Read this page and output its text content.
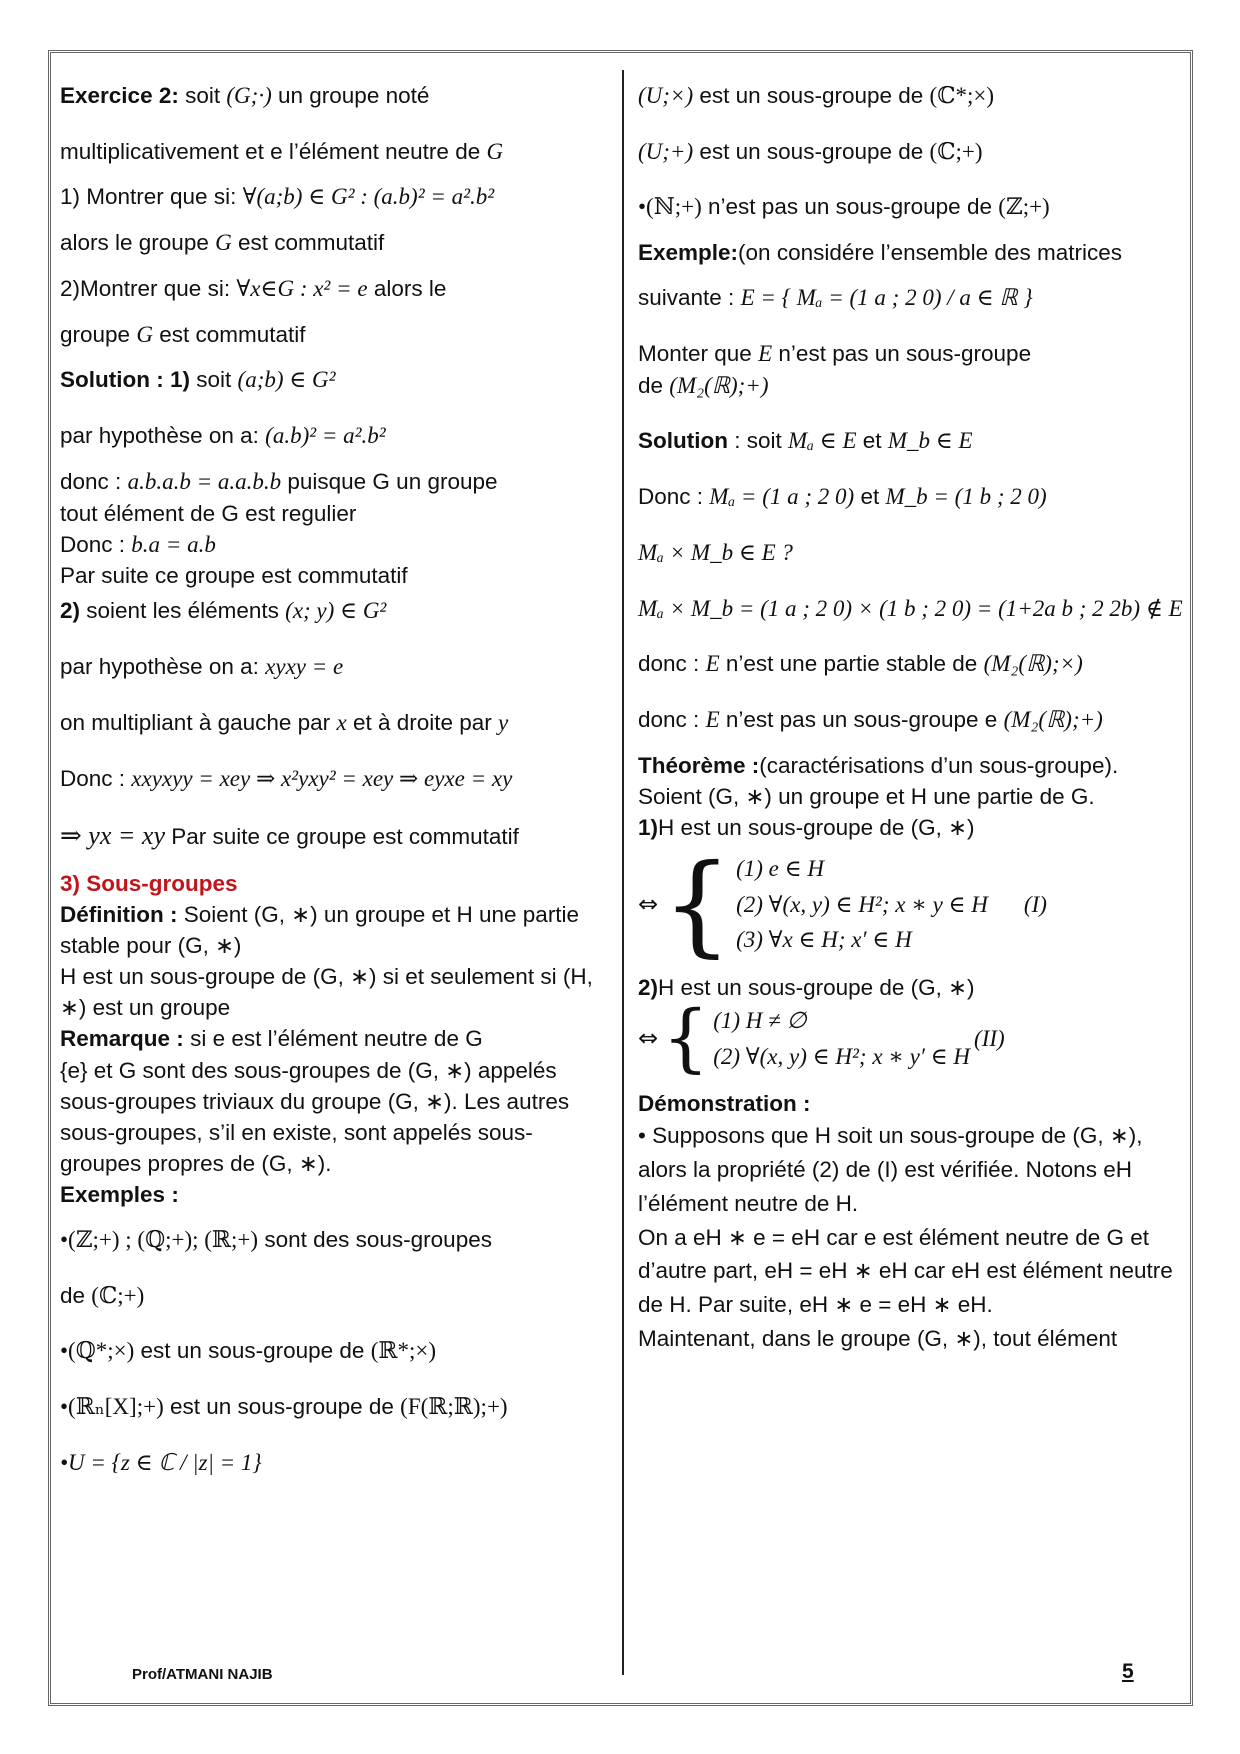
Exercice 2: soit (G;·) un groupe noté

multiplicativement et e l’élément neutre de G

1) Montrer que si: ∀(a;b) ∈ G² : (a.b)² = a².b²

alors le groupe G est commutatif

2)Montrer que si: ∀x∈G : x² = e alors le

groupe G est commutatif

Solution : 1) soit (a;b) ∈ G²

par hypothèse on a: (a.b)² = a².b²

donc : a.b.a.b = a.a.b.b puisque G un groupe

tout élément de G est regulier

Donc : b.a = a.b

Par suite ce groupe est commutatif

2) soient les éléments (x; y) ∈ G²

par hypothèse on a: xyxy = e

on multipliant à gauche par x et à droite par y

Donc : xxyxyy = xey ⇒ x²yxy² = xey ⇒ eyxe = xy

⇒ yx = xy Par suite ce groupe est commutatif

3) Sous-groupes

Définition : Soient (G, ∗) un groupe et H une partie stable pour (G, ∗)

H est un sous-groupe de (G, ∗) si et seulement si (H, ∗) est un groupe

Remarque : si e est l’élément neutre de G

{e} et G sont des sous-groupes de (G, ∗) appelés sous-groupes triviaux du groupe (G, ∗). Les autres sous-groupes, s’il en existe, sont appelés sous-groupes propres de (G, ∗).

Exemples :

•(ℤ;+) ; (ℚ;+); (ℝ;+) sont des sous-groupes

de (ℂ;+)

•(ℚ*;×) est un sous-groupe de (ℝ*;×)

•(ℝₙ[X];+) est un sous-groupe de (F(ℝ;ℝ);+)

•U = {z ∈ ℂ / |z| = 1}

(U;×) est un sous-groupe de (ℂ*;×)

(U;+) est un sous-groupe de (ℂ;+)

•(ℕ;+) n’est pas un sous-groupe de (ℤ;+)

Exemple:(on considére l’ensemble des matrices

suivante : E = { Mₐ = (1 a ; 2 0) / a ∈ ℝ }

Monter que E n’est pas un sous-groupe

de (M₂(ℝ);+)

Solution : soit Mₐ ∈ E et M_b ∈ E

Donc : Mₐ = (1 a ; 2 0) et M_b = (1 b ; 2 0)

Mₐ × M_b ∈ E ?

Mₐ × M_b = (1 a ; 2 0) × (1 b ; 2 0) = (1+2a b ; 2 2b) ∉ E

donc : E n’est une partie stable de (M₂(ℝ);×)

donc : E n’est pas un sous-groupe e (M₂(ℝ);+)

Théorème :(caractérisations d’un sous-groupe).

Soient (G, ∗) un groupe et H une partie de G.

1)H est un sous-groupe de (G, ∗)

⇔ { (1) e ∈ H
(2) ∀(x, y) ∈ H²; x ∗ y ∈ H (I)
(3) ∀x ∈ H; x′ ∈ H

2)H est un sous-groupe de (G, ∗)

⇔ { (1) H ≠ ∅
(2) ∀(x, y) ∈ H²; x ∗ y′ ∈ H(II)

Démonstration :

• Supposons que H soit un sous-groupe de (G, ∗), alors la propriété (2) de (I) est vérifiée. Notons eH l’élément neutre de H.

On a eH ∗ e = eH car e est élément neutre de G et d’autre part, eH = eH ∗ eH car eH est élément neutre de H. Par suite, eH ∗ e = eH ∗ eH.

Maintenant, dans le groupe (G, ∗), tout élément

Prof/ATMANI NAJIB	5
